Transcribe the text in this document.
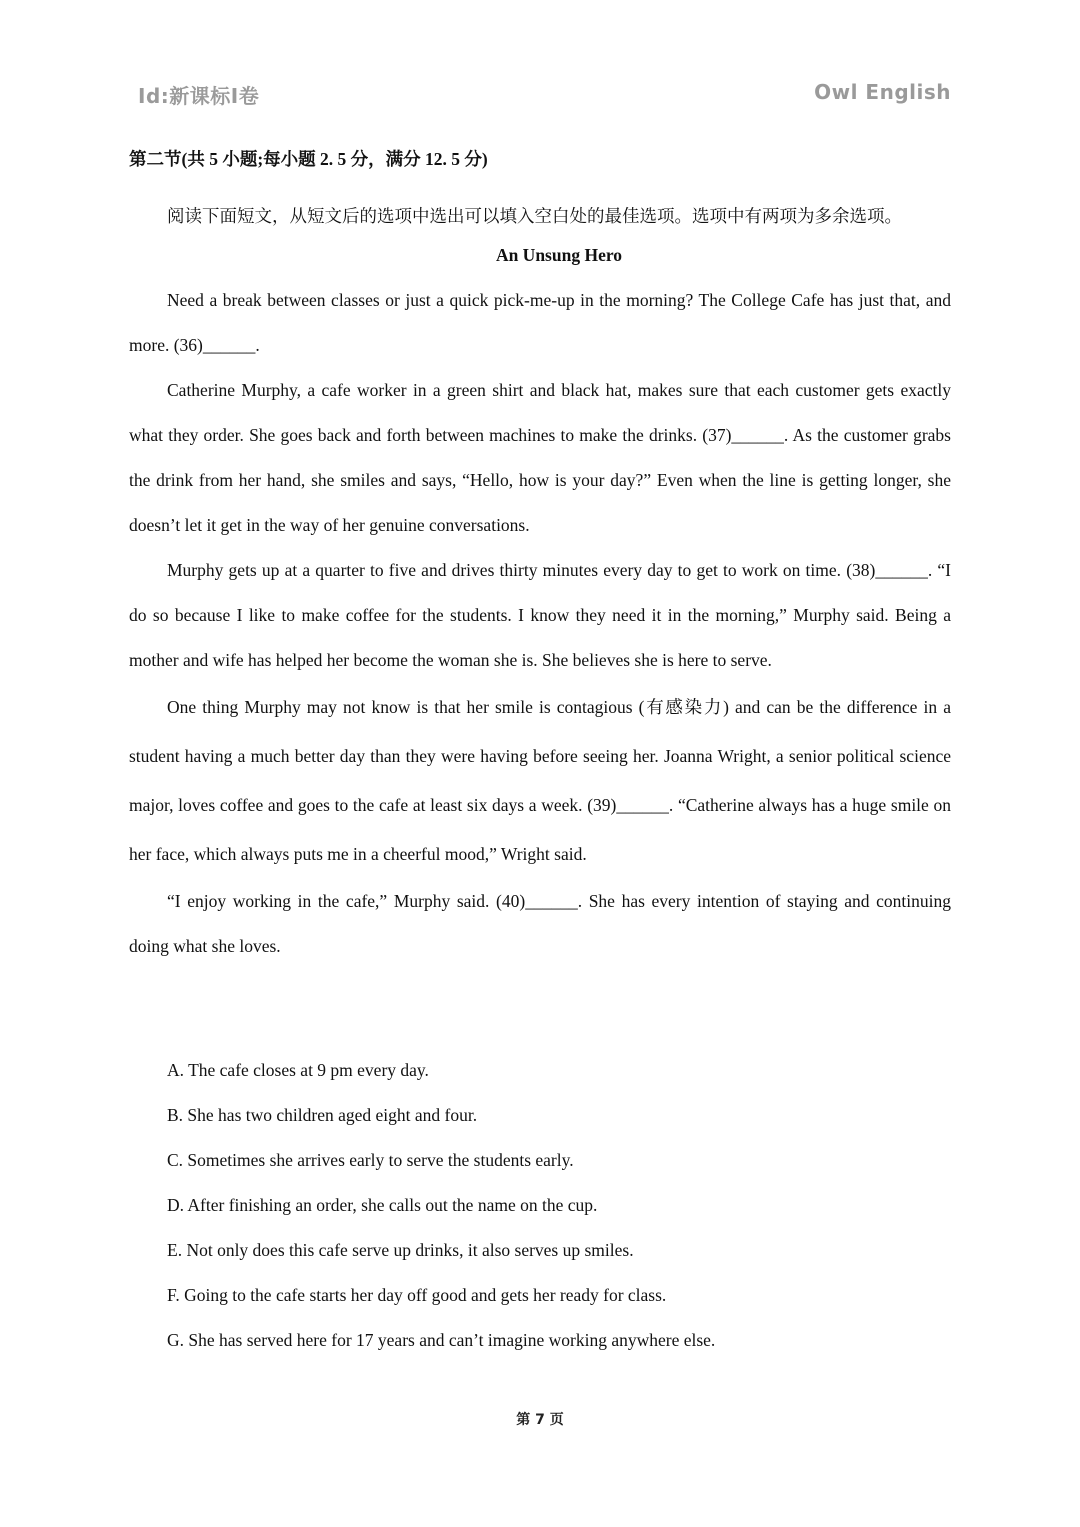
Id:新课标I卷	Owl English
第二节(共 5 小题;每小题 2. 5 分，满分 12. 5 分)
阅读下面短文，从短文后的选项中选出可以填入空白处的最佳选项。选项中有两项为多余选项。
An Unsung Hero

Need a break between classes or just a quick pick-me-up in the morning? The College Cafe has just that, and more. (36)______.

Catherine Murphy, a cafe worker in a green shirt and black hat, makes sure that each customer gets exactly what they order. She goes back and forth between machines to make the drinks. (37)______. As the customer grabs the drink from her hand, she smiles and says, “Hello, how is your day?” Even when the line is getting longer, she doesn’t let it get in the way of her genuine conversations.

Murphy gets up at a quarter to five and drives thirty minutes every day to get to work on time. (38)______. “I do so because I like to make coffee for the students. I know they need it in the morning,” Murphy said. Being a mother and wife has helped her become the woman she is. She believes she is here to serve.

One thing Murphy may not know is that her smile is contagious (有感染力) and can be the difference in a student having a much better day than they were having before seeing her. Joanna Wright, a senior political science major, loves coffee and goes to the cafe at least six days a week. (39)______. “Catherine always has a huge smile on her face, which always puts me in a cheerful mood,” Wright said.

“I enjoy working in the cafe,” Murphy said. (40)______. She has every intention of staying and continuing doing what she loves.

A. The cafe closes at 9 pm every day.
B. She has two children aged eight and four.
C. Sometimes she arrives early to serve the students early.
D. After finishing an order, she calls out the name on the cup.
E. Not only does this cafe serve up drinks, it also serves up smiles.
F. Going to the cafe starts her day off good and gets her ready for class.
G. She has served here for 17 years and can’t imagine working anywhere else.
第 7 页
